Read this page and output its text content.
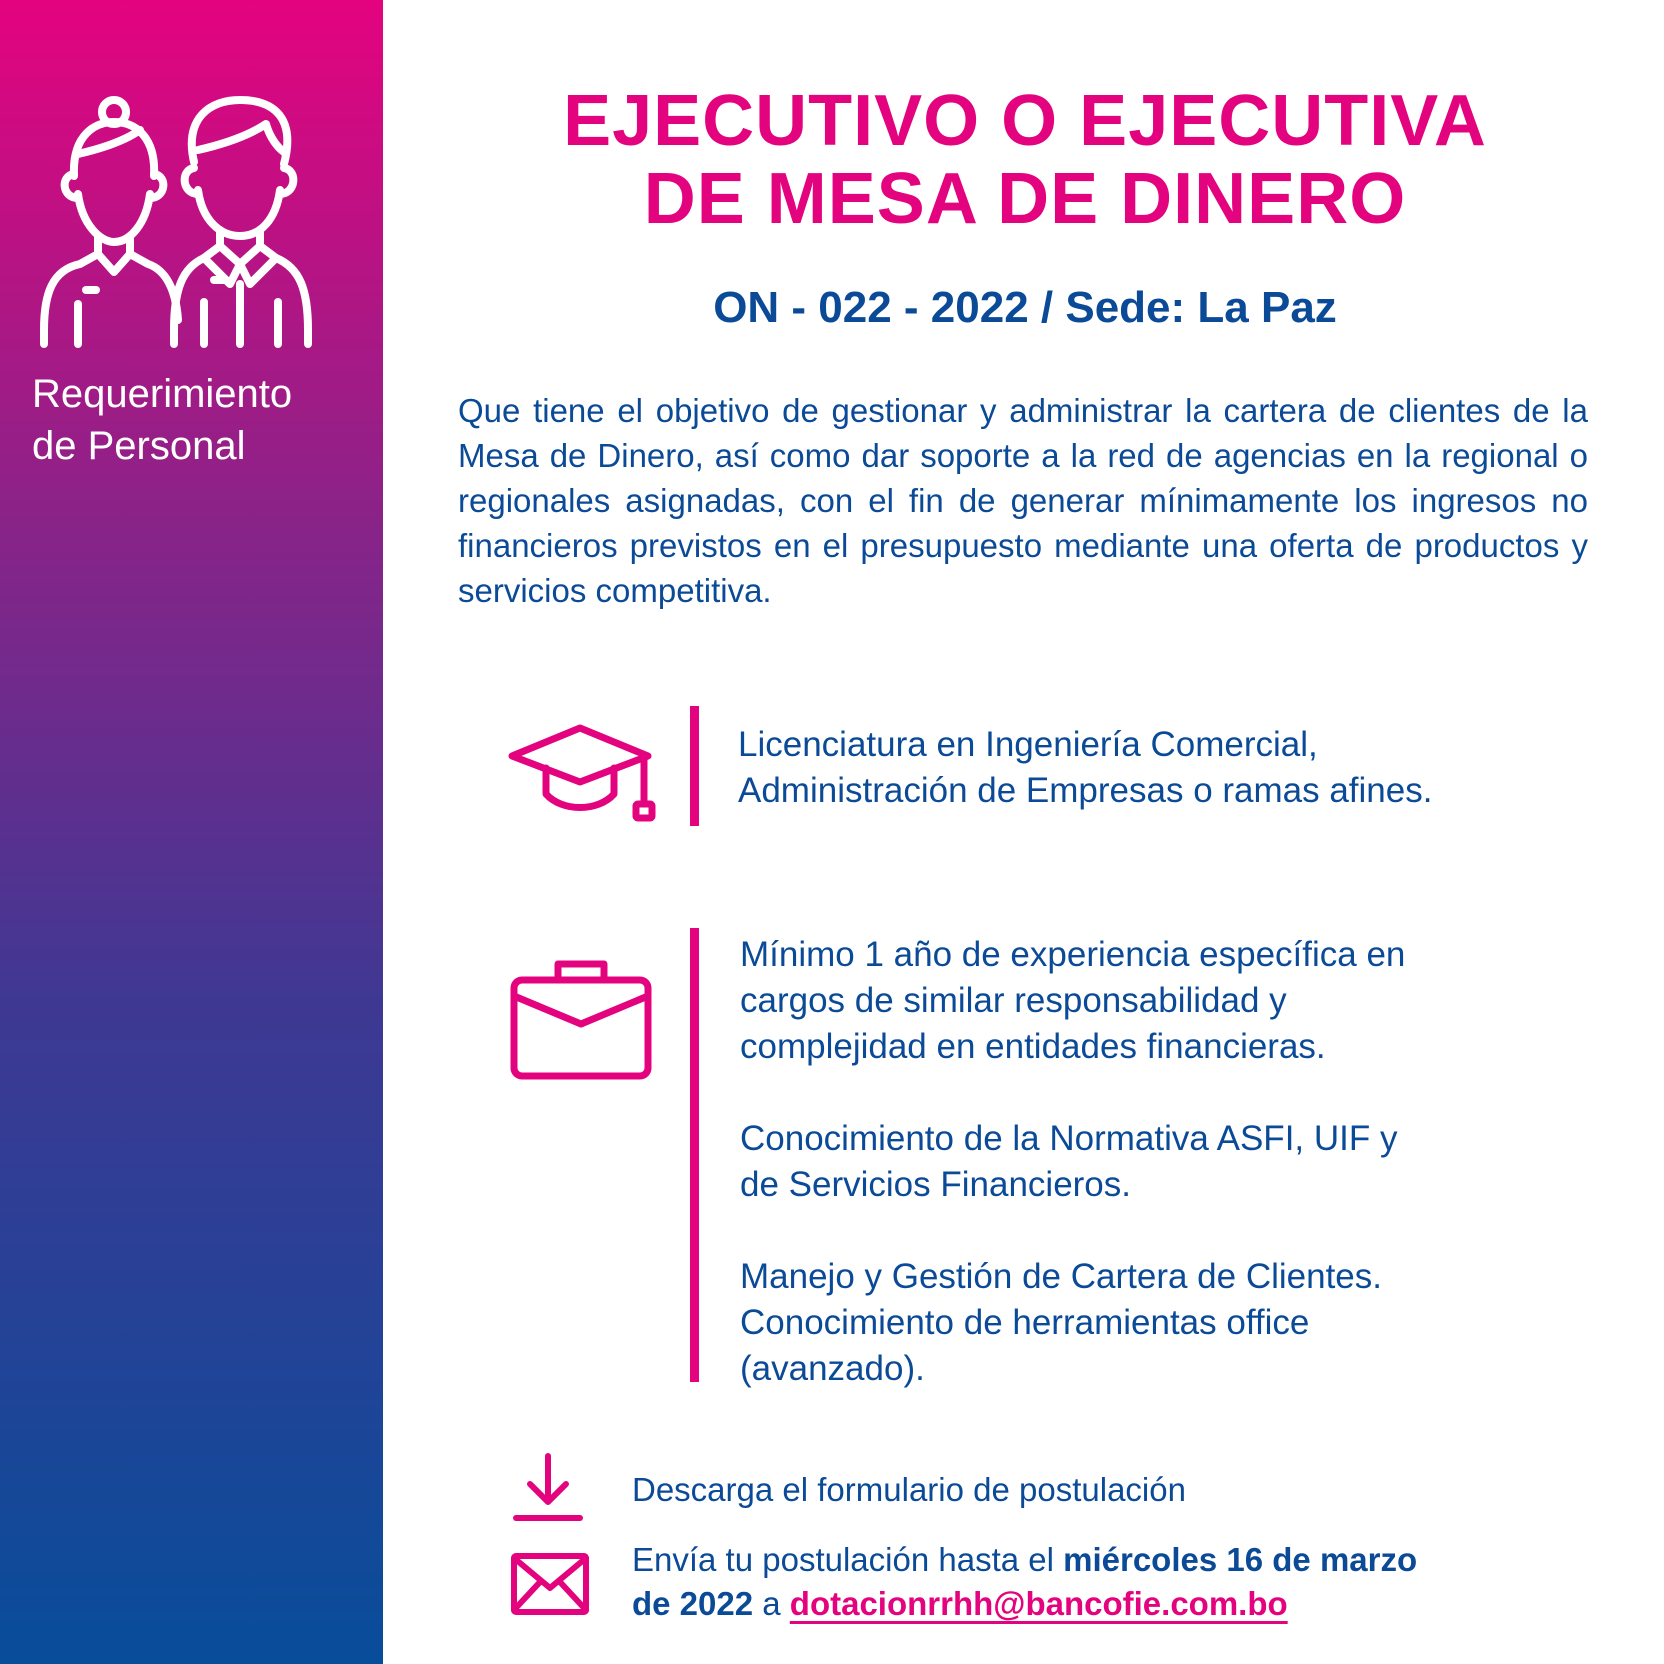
Requerimiento
de Personal
EJECUTIVO O EJECUTIVA
DE MESA DE DINERO
ON - 022 - 2022 / Sede: La Paz
Que tiene el objetivo de gestionar y administrar la cartera de clientes de la Mesa de Dinero, así como dar soporte a la red de agencias en la regional o regionales asignadas, con el fin de generar mínimamente los ingresos no financieros previstos en el presupuesto mediante una oferta de productos y servicios competitiva.

Licenciatura en Ingeniería Comercial,

Administración de Empresas o ramas afines.

Mínimo 1 año de experiencia específica en

cargos de similar responsabilidad y

complejidad en entidades financieras.

Conocimiento de la Normativa ASFI, UIF y

de Servicios Financieros.

Manejo y Gestión de Cartera de Clientes.

Conocimiento de herramientas office

(avanzado).

Descarga el formulario de postulación
Envía tu postulación hasta el miércoles 16 de marzo
de 2022 a dotacionrrhh@bancofie.com.bo
